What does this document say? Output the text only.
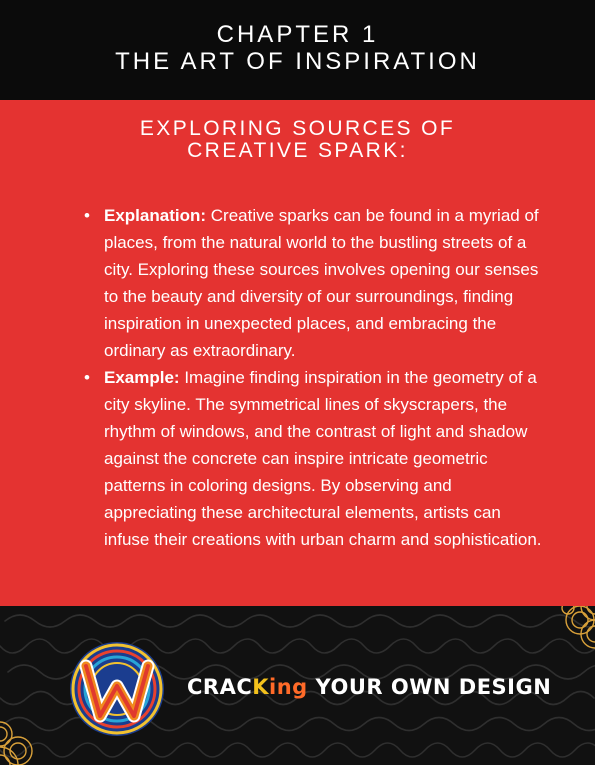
CHAPTER 1
THE ART OF INSPIRATION
EXPLORING SOURCES OF
CREATIVE SPARK:

• Explanation: Creative sparks can be found in a myriad of places, from the natural world to the bustling streets of a city. Exploring these sources involves opening our senses to the beauty and diversity of our surroundings, finding inspiration in unexpected places, and embracing the ordinary as extraordinary.

• Example: Imagine finding inspiration in the geometry of a city skyline. The symmetrical lines of skyscrapers, the rhythm of windows, and the contrast of light and shadow against the concrete can inspire intricate geometric patterns in coloring designs. By observing and appreciating these architectural elements, artists can infuse their creations with urban charm and sophistication.

CRACKing YOUR OWN DESIGN
